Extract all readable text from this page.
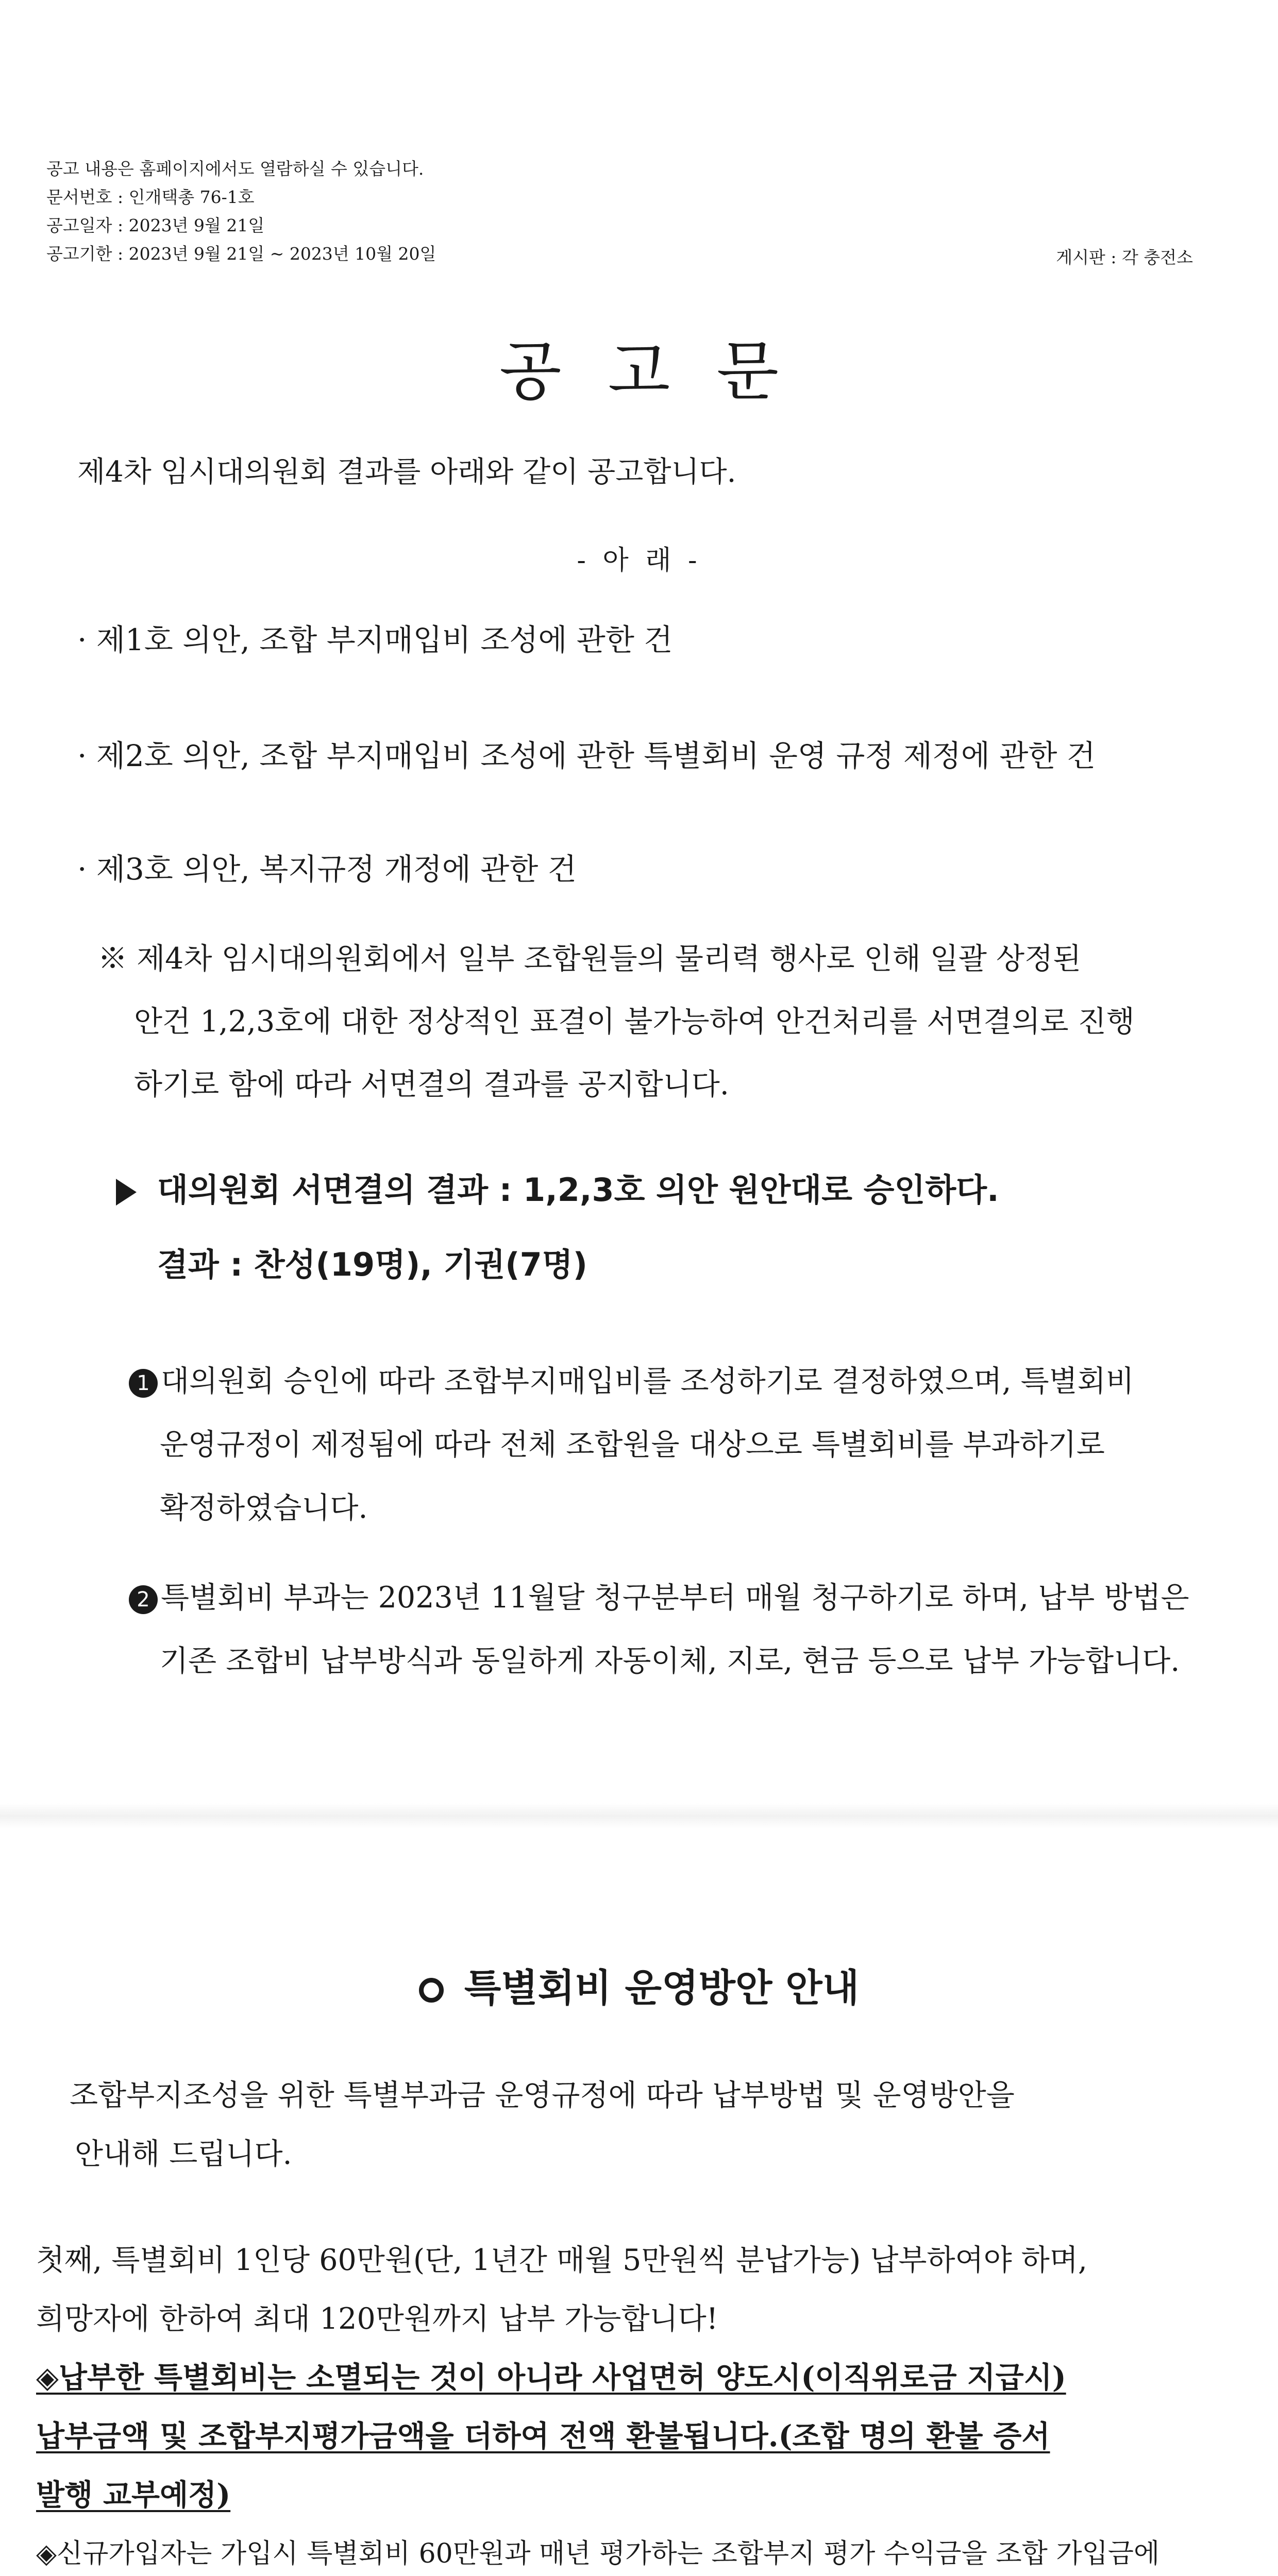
공고 내용은 홈페이지에서도 열람하실 수 있습니다.
문서번호 : 인개택총 76-1호
공고일자 : 2023년 9월 21일
공고기한 : 2023년 9월 21일 ~ 2023년 10월 20일	게시판 : 각 충전소
공고문
제4차 임시대의원회 결과를 아래와 같이 공고합니다.
- 아 래 -
· 제1호 의안, 조합 부지매입비 조성에 관한 건
· 제2호 의안, 조합 부지매입비 조성에 관한 특별회비 운영 규정 제정에 관한 건
· 제3호 의안, 복지규정 개정에 관한 건
※ 제4차 임시대의원회에서 일부 조합원들의 물리력 행사로 인해 일괄 상정된
안건 1,2,3호에 대한 정상적인 표결이 불가능하여 안건처리를 서면결의로 진행
하기로 함에 따라 서면결의 결과를 공지합니다.
대의원회 서면결의 결과 : 1,2,3호 의안 원안대로 승인하다.
결과 : 찬성(19명), 기권(7명)
1 대의원회 승인에 따라 조합부지매입비를 조성하기로 결정하였으며, 특별회비
운영규정이 제정됨에 따라 전체 조합원을 대상으로 특별회비를 부과하기로
확정하였습니다.
2 특별회비 부과는 2023년 11월달 청구분부터 매월 청구하기로 하며, 납부 방법은
기존 조합비 납부방식과 동일하게 자동이체, 지로, 현금 등으로 납부 가능합니다.
특별회비 운영방안 안내

조합부지조성을 위한 특별부과금 운영규정에 따라 납부방법 및 운영방안을

안내해 드립니다.

첫째, 특별회비 1인당 60만원(단, 1년간 매월 5만원씩 분납가능) 납부하여야 하며,

희망자에 한하여 최대 120만원까지 납부 가능합니다!

◈납부한 특별회비는 소멸되는 것이 아니라 사업면허 양도시(이직위로금 지급시)

납부금액 및 조합부지평가금액을 더하여 전액 환불됩니다.(조합 명의 환불 증서

발행 교부예정)

◈신규가입자는 가입시 특별회비 60만원과 매년 평가하는 조합부지 평가 수익금을 조합 가입금에
